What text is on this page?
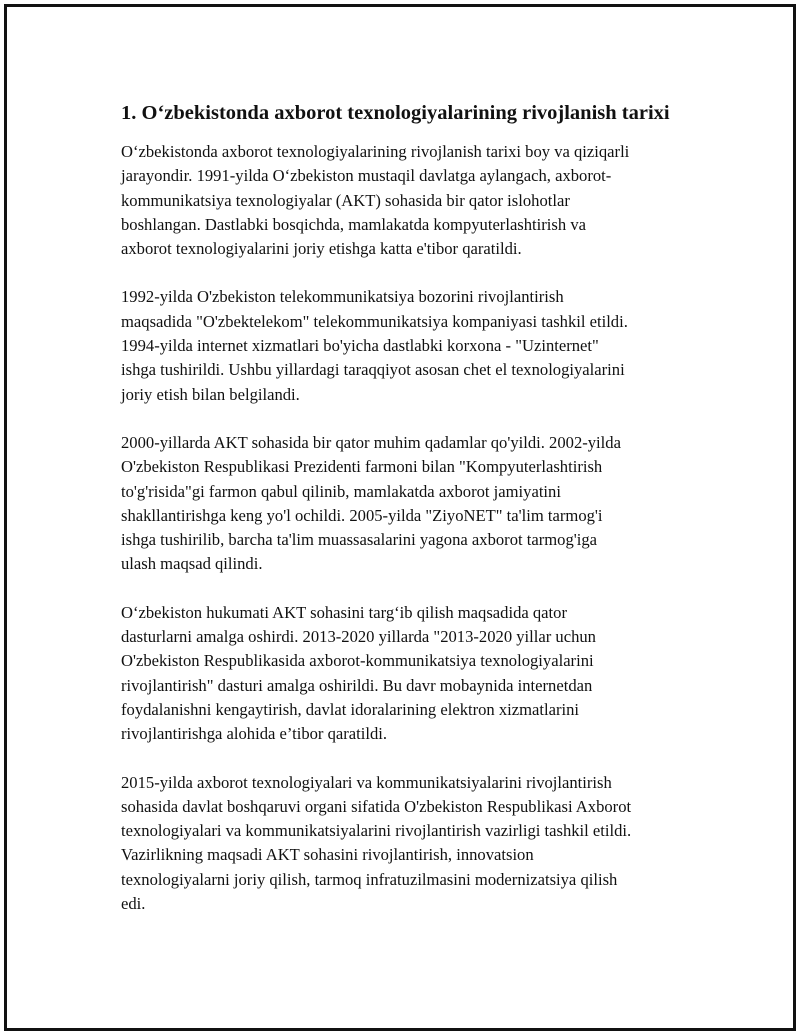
1. O‘zbekistonda axborot texnologiyalarining rivojlanish tarixi

O‘zbekistonda axborot texnologiyalarining rivojlanish tarixi boy va qiziqarli
jarayondir. 1991-yilda O‘zbekiston mustaqil davlatga aylangach, axborot-
kommunikatsiya texnologiyalar (AKT) sohasida bir qator islohotlar
boshlangan. Dastlabki bosqichda, mamlakatda kompyuterlashtirish va
axborot texnologiyalarini joriy etishga katta e'tibor qaratildi.

1992-yilda O'zbekiston telekommunikatsiya bozorini rivojlantirish
maqsadida "O'zbektelekom" telekommunikatsiya kompaniyasi tashkil etildi.
1994-yilda internet xizmatlari bo'yicha dastlabki korxona - "Uzinternet"
ishga tushirildi. Ushbu yillardagi taraqqiyot asosan chet el texnologiyalarini
joriy etish bilan belgilandi.

2000-yillarda AKT sohasida bir qator muhim qadamlar qo'yildi. 2002-yilda
O'zbekiston Respublikasi Prezidenti farmoni bilan "Kompyuterlashtirish
to'g'risida"gi farmon qabul qilinib, mamlakatda axborot jamiyatini
shakllantirishga keng yo'l ochildi. 2005-yilda "ZiyoNET" ta'lim tarmog'i
ishga tushirilib, barcha ta'lim muassasalarini yagona axborot tarmog'iga
ulash maqsad qilindi.

O‘zbekiston hukumati AKT sohasini targ‘ib qilish maqsadida qator
dasturlarni amalga oshirdi. 2013-2020 yillarda "2013-2020 yillar uchun
O'zbekiston Respublikasida axborot-kommunikatsiya texnologiyalarini
rivojlantirish" dasturi amalga oshirildi. Bu davr mobaynida internetdan
foydalanishni kengaytirish, davlat idoralarining elektron xizmatlarini
rivojlantirishga alohida e’tibor qaratildi.

2015-yilda axborot texnologiyalari va kommunikatsiyalarini rivojlantirish
sohasida davlat boshqaruvi organi sifatida O'zbekiston Respublikasi Axborot
texnologiyalari va kommunikatsiyalarini rivojlantirish vazirligi tashkil etildi.
Vazirlikning maqsadi AKT sohasini rivojlantirish, innovatsion
texnologiyalarni joriy qilish, tarmoq infratuzilmasini modernizatsiya qilish
edi.
